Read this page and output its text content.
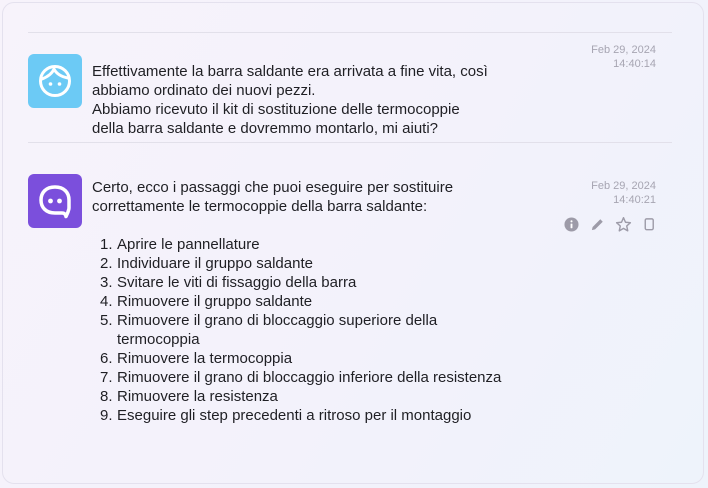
Effettivamente la barra saldante era arrivata a fine vita, così

abbiamo ordinato dei nuovi pezzi.

Abbiamo ricevuto il kit di sostituzione delle termocoppie

della barra saldante e dovremmo montarlo, mi aiuti?

Feb 29, 2024
14:40:14

Certo, ecco i passaggi che puoi eseguire per sostituire

correttamente le termocoppie della barra saldante:

1. Aprire le pannellature
2. Individuare il gruppo saldante
3. Svitare le viti di fissaggio della barra
4. Rimuovere il gruppo saldante
5. Rimuovere il grano di bloccaggio superiore della
termocoppia
6. Rimuovere la termocoppia
7. Rimuovere il grano di bloccaggio inferiore della resistenza
8. Rimuovere la resistenza
9. Eseguire gli step precedenti a ritroso per il montaggio
Feb 29, 2024
14:40:21
